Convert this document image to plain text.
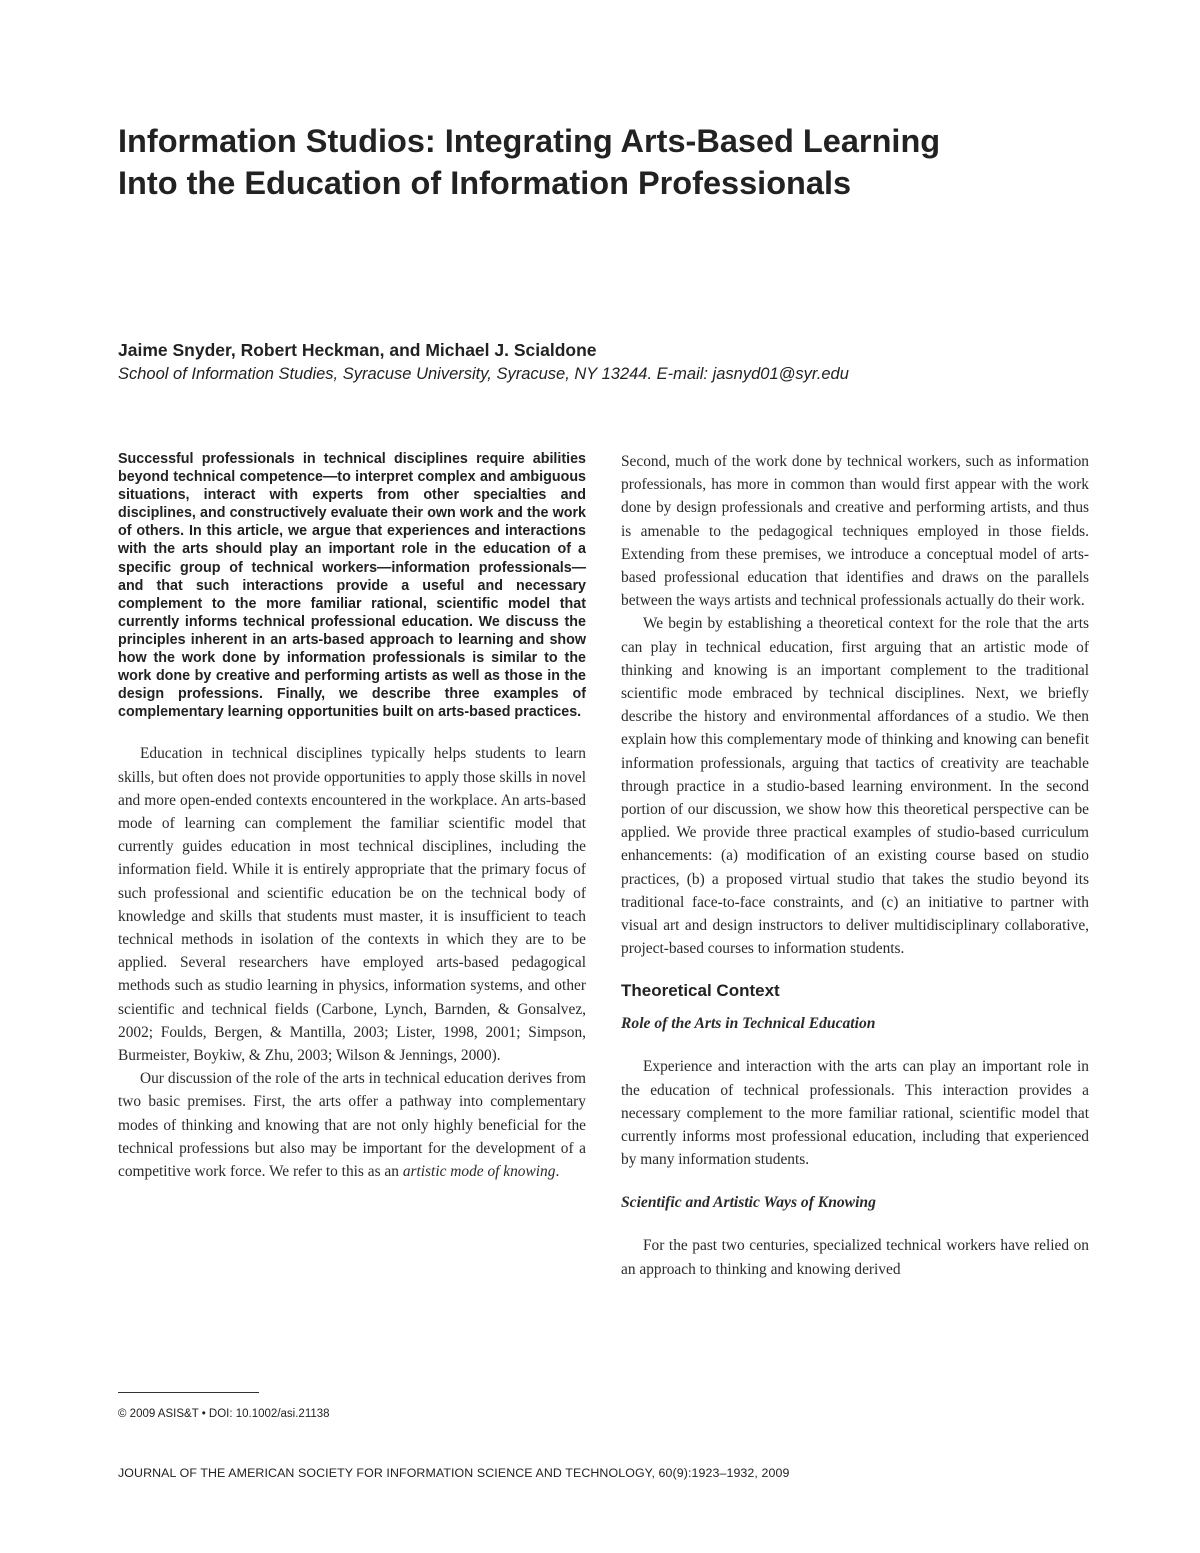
Information Studios: Integrating Arts-Based Learning
Into the Education of Information Professionals

Jaime Snyder, Robert Heckman, and Michael J. Scialdone

School of Information Studies, Syracuse University, Syracuse, NY 13244. E-mail: jasnyd01@syr.edu

Successful professionals in technical disciplines require abilities beyond technical competence—to interpret complex and ambiguous situations, interact with experts from other specialties and disciplines, and constructively evaluate their own work and the work of others. In this article, we argue that experiences and interactions with the arts should play an important role in the education of a specific group of technical workers—information professionals—and that such interactions provide a useful and necessary complement to the more familiar rational, scientific model that currently informs technical professional education. We discuss the principles inherent in an arts-based approach to learning and show how the work done by information professionals is similar to the work done by creative and performing artists as well as those in the design professions. Finally, we describe three examples of complementary learning opportunities built on arts-based practices.

Education in technical disciplines typically helps students to learn skills, but often does not provide opportunities to apply those skills in novel and more open-ended contexts encountered in the workplace. An arts-based mode of learning can complement the familiar scientific model that currently guides education in most technical disciplines, including the information field. While it is entirely appropriate that the primary focus of such professional and scientific education be on the technical body of knowledge and skills that students must master, it is insufficient to teach technical methods in isolation of the contexts in which they are to be applied. Several researchers have employed arts-based pedagogical methods such as studio learning in physics, information systems, and other scientific and technical fields (Carbone, Lynch, Barnden, & Gonsalvez, 2002; Foulds, Bergen, & Mantilla, 2003; Lister, 1998, 2001; Simpson, Burmeister, Boykiw, & Zhu, 2003; Wilson & Jennings, 2000).

Our discussion of the role of the arts in technical education derives from two basic premises. First, the arts offer a pathway into complementary modes of thinking and knowing that are not only highly beneficial for the technical professions but also may be important for the development of a competitive work force. We refer to this as an artistic mode of knowing.

Second, much of the work done by technical workers, such as information professionals, has more in common than would first appear with the work done by design professionals and creative and performing artists, and thus is amenable to the pedagogical techniques employed in those fields. Extending from these premises, we introduce a conceptual model of arts-based professional education that identifies and draws on the parallels between the ways artists and technical professionals actually do their work.

We begin by establishing a theoretical context for the role that the arts can play in technical education, first arguing that an artistic mode of thinking and knowing is an important complement to the traditional scientific mode embraced by technical disciplines. Next, we briefly describe the history and environmental affordances of a studio. We then explain how this complementary mode of thinking and knowing can benefit information professionals, arguing that tactics of creativity are teachable through practice in a studio-based learning environment. In the second portion of our discussion, we show how this theoretical perspective can be applied. We provide three practical examples of studio-based curriculum enhancements: (a) modification of an existing course based on studio practices, (b) a proposed virtual studio that takes the studio beyond its traditional face-to-face constraints, and (c) an initiative to partner with visual art and design instructors to deliver multidisciplinary collaborative, project-based courses to information students.

Theoretical Context
Role of the Arts in Technical Education

Experience and interaction with the arts can play an important role in the education of technical professionals. This interaction provides a necessary complement to the more familiar rational, scientific model that currently informs most professional education, including that experienced by many information students.

Scientific and Artistic Ways of Knowing

For the past two centuries, specialized technical workers have relied on an approach to thinking and knowing derived

© 2009 ASIS&T • DOI: 10.1002/asi.21138

JOURNAL OF THE AMERICAN SOCIETY FOR INFORMATION SCIENCE AND TECHNOLOGY, 60(9):1923–1932, 2009
